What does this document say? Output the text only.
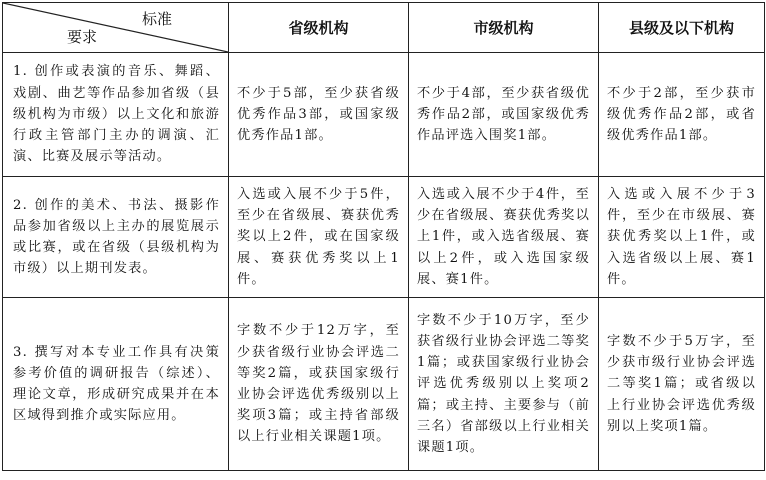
标准
要求	省级机构	市级机构	县级及以下机构
1. 创作或表演的音乐、舞蹈、戏剧、曲艺等作品参加省级（县级机构为市级）以上文化和旅游行政主管部门主办的调演、汇演、比赛及展示等活动。	不少于5部，至少获省级优秀作品3部，或国家级优秀作品1部。	不少于4部，至少获省级优秀作品2部，或国家级优秀作品评选入围奖1部。	不少于2部，至少获市级优秀作品2部，或省级优秀作品1部。
2. 创作的美术、书法、摄影作品参加省级以上主办的展览展示或比赛，或在省级（县级机构为市级）以上期刊发表。	入选或入展不少于5件，至少在省级展、赛获优秀奖以上2件，或在国家级展、赛获优秀奖以上1件。	入选或入展不少于4件，至少在省级展、赛获优秀奖以上1件，或入选省级展、赛以上2件，或入选国家级展、赛1件。	入选或入展不少于3件，至少在市级展、赛获优秀奖以上1件，或入选省级以上展、赛1件。
3. 撰写对本专业工作具有决策参考价值的调研报告（综述）、理论文章，形成研究成果并在本区域得到推介或实际应用。	字数不少于12万字，至少获省级行业协会评选二等奖2篇，或获国家级行业协会评选优秀级别以上奖项3篇；或主持省部级以上行业相关课题1项。	字数不少于10万字，至少获省级行业协会评选二等奖1篇；或获国家级行业协会评选优秀级别以上奖项2篇；或主持、主要参与（前三名）省部级以上行业相关课题1项。	字数不少于5万字，至少获市级行业协会评选二等奖1篇；或省级以上行业协会评选优秀级别以上奖项1篇。
